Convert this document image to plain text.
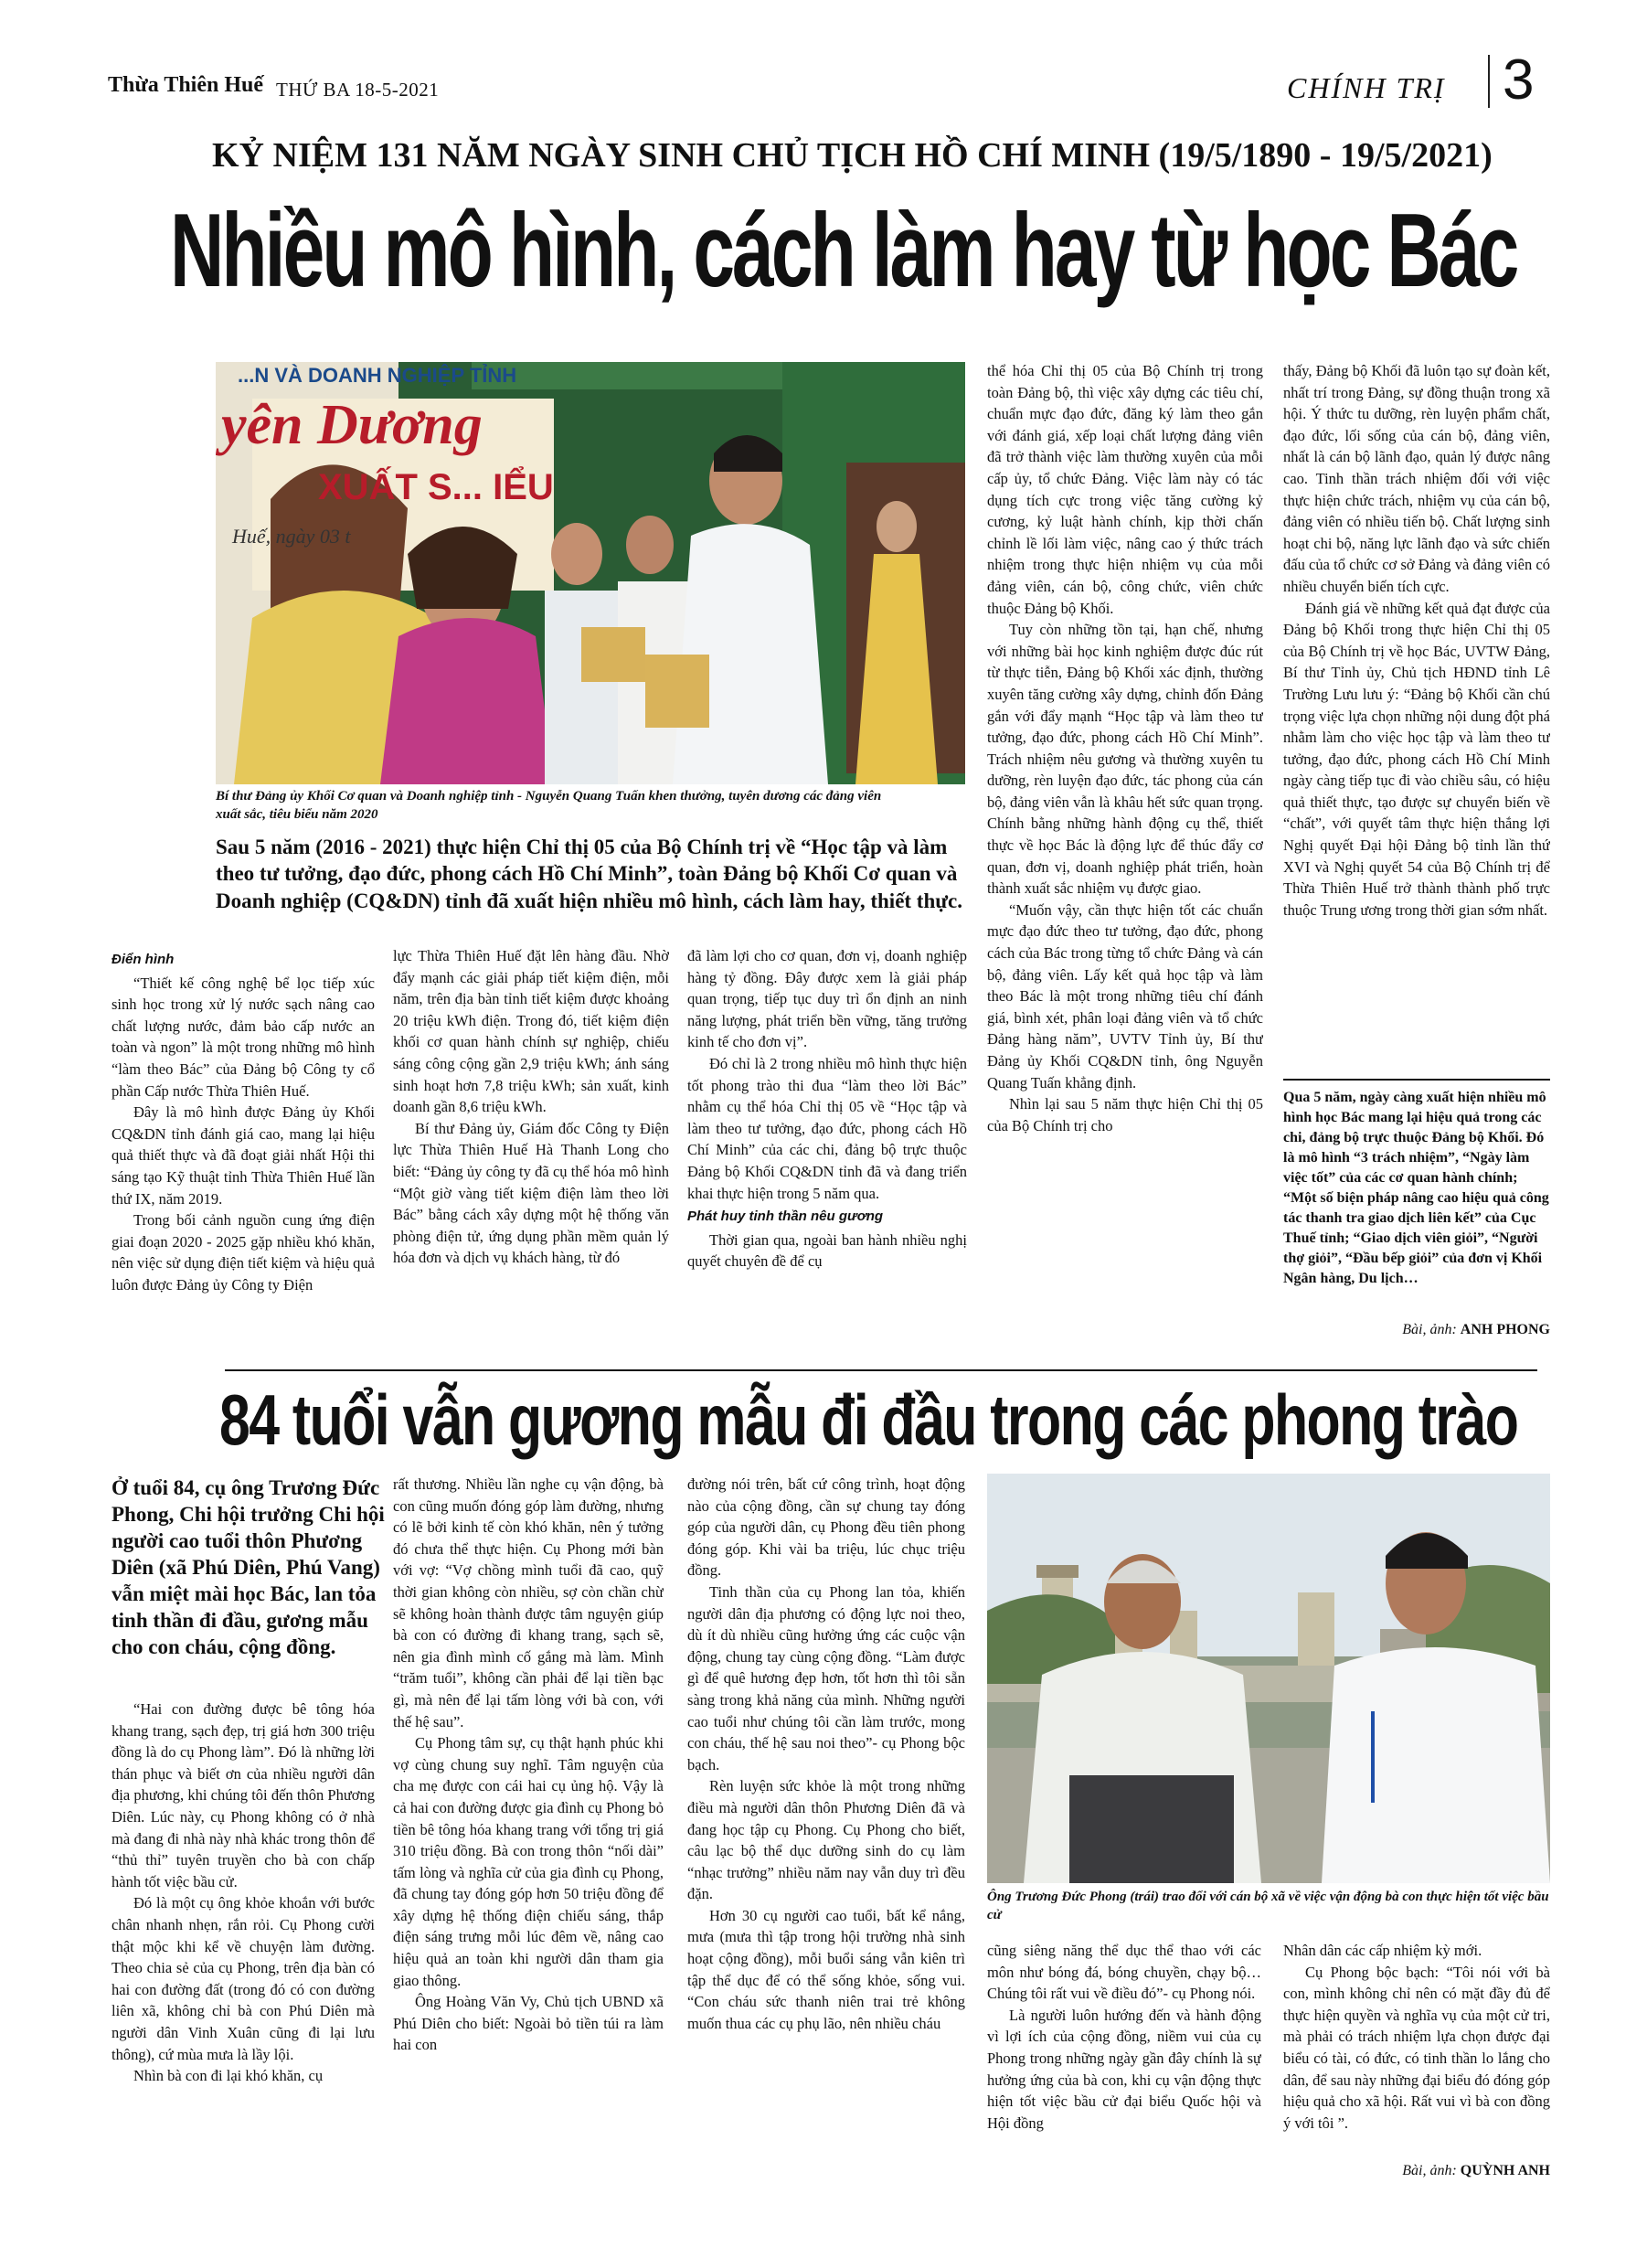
Thừa Thiên Huế THỨ BA 18-5-2021	CHÍNH TRỊ 3
KỶ NIỆM 131 NĂM NGÀY SINH CHỦ TỊCH HỒ CHÍ MINH (19/5/1890 - 19/5/2021)
Nhiều mô hình, cách làm hay từ học Bác
...N VÀ DOANH NGHIỆP TỈNH
yên Dương
XUẤT S... IỂU
Huế, ngày 03 t
Bí thư Đảng ủy Khối Cơ quan và Doanh nghiệp tỉnh - Nguyễn Quang Tuấn khen thưởng, tuyên dương các đảng viên xuất sắc, tiêu biểu năm 2020
Sau 5 năm (2016 - 2021) thực hiện Chỉ thị 05 của Bộ Chính trị về “Học tập và làm theo tư tưởng, đạo đức, phong cách Hồ Chí Minh”, toàn Đảng bộ Khối Cơ quan và Doanh nghiệp (CQ&DN) tỉnh đã xuất hiện nhiều mô hình, cách làm hay, thiết thực.
Điển hình

“Thiết kế công nghệ bể lọc tiếp xúc sinh học trong xử lý nước sạch nâng cao chất lượng nước, đảm bảo cấp nước an toàn và ngon” là một trong những mô hình “làm theo Bác” của Đảng bộ Công ty cổ phần Cấp nước Thừa Thiên Huế.

Đây là mô hình được Đảng ủy Khối CQ&DN tỉnh đánh giá cao, mang lại hiệu quả thiết thực và đã đoạt giải nhất Hội thi sáng tạo Kỹ thuật tỉnh Thừa Thiên Huế lần thứ IX, năm 2019.

Trong bối cảnh nguồn cung ứng điện giai đoạn 2020 - 2025 gặp nhiều khó khăn, nên việc sử dụng điện tiết kiệm và hiệu quả luôn được Đảng ủy Công ty Điện

lực Thừa Thiên Huế đặt lên hàng đầu. Nhờ đẩy mạnh các giải pháp tiết kiệm điện, mỗi năm, trên địa bàn tỉnh tiết kiệm được khoảng 20 triệu kWh điện. Trong đó, tiết kiệm điện khối cơ quan hành chính sự nghiệp, chiếu sáng công cộng gần 2,9 triệu kWh; ánh sáng sinh hoạt hơn 7,8 triệu kWh; sản xuất, kinh doanh gần 8,6 triệu kWh.

Bí thư Đảng ủy, Giám đốc Công ty Điện lực Thừa Thiên Huế Hà Thanh Long cho biết: “Đảng ủy công ty đã cụ thể hóa mô hình “Một giờ vàng tiết kiệm điện làm theo lời Bác” bằng cách xây dựng một hệ thống văn phòng điện tử, ứng dụng phần mềm quản lý hóa đơn và dịch vụ khách hàng, từ đó

đã làm lợi cho cơ quan, đơn vị, doanh nghiệp hàng tỷ đồng. Đây được xem là giải pháp quan trọng, tiếp tục duy trì ổn định an ninh năng lượng, phát triển bền vững, tăng trưởng kinh tế cho đơn vị”.

Đó chỉ là 2 trong nhiều mô hình thực hiện tốt phong trào thi đua “làm theo lời Bác” nhằm cụ thể hóa Chỉ thị 05 về “Học tập và làm theo tư tưởng, đạo đức, phong cách Hồ Chí Minh” của các chi, đảng bộ trực thuộc Đảng bộ Khối CQ&DN tỉnh đã và đang triển khai thực hiện trong 5 năm qua.

Phát huy tinh thần nêu gương

Thời gian qua, ngoài ban hành nhiều nghị quyết chuyên đề để cụ

thể hóa Chỉ thị 05 của Bộ Chính trị trong toàn Đảng bộ, thì việc xây dựng các tiêu chí, chuẩn mực đạo đức, đăng ký làm theo gắn với đánh giá, xếp loại chất lượng đảng viên đã trở thành việc làm thường xuyên của mỗi cấp ủy, tổ chức Đảng. Việc làm này có tác dụng tích cực trong việc tăng cường kỷ cương, kỷ luật hành chính, kịp thời chấn chỉnh lề lối làm việc, nâng cao ý thức trách nhiệm trong thực hiện nhiệm vụ của mỗi đảng viên, cán bộ, công chức, viên chức thuộc Đảng bộ Khối.

Tuy còn những tồn tại, hạn chế, nhưng với những bài học kinh nghiệm được đúc rút từ thực tiễn, Đảng bộ Khối xác định, thường xuyên tăng cường xây dựng, chỉnh đốn Đảng gắn với đẩy mạnh “Học tập và làm theo tư tưởng, đạo đức, phong cách Hồ Chí Minh”. Trách nhiệm nêu gương và thường xuyên tu dưỡng, rèn luyện đạo đức, tác phong của cán bộ, đảng viên vẫn là khâu hết sức quan trọng. Chính bằng những hành động cụ thể, thiết thực về học Bác là động lực để thúc đẩy cơ quan, đơn vị, doanh nghiệp phát triển, hoàn thành xuất sắc nhiệm vụ được giao.

“Muốn vậy, cần thực hiện tốt các chuẩn mực đạo đức theo tư tưởng, đạo đức, phong cách của Bác trong từng tổ chức Đảng và cán bộ, đảng viên. Lấy kết quả học tập và làm theo Bác là một trong những tiêu chí đánh giá, bình xét, phân loại đảng viên và tổ chức Đảng hàng năm”, UVTV Tỉnh ủy, Bí thư Đảng ủy Khối CQ&DN tỉnh, ông Nguyễn Quang Tuấn khẳng định.

Nhìn lại sau 5 năm thực hiện Chỉ thị 05 của Bộ Chính trị cho

thấy, Đảng bộ Khối đã luôn tạo sự đoàn kết, nhất trí trong Đảng, sự đồng thuận trong xã hội. Ý thức tu dưỡng, rèn luyện phẩm chất, đạo đức, lối sống của cán bộ, đảng viên, nhất là cán bộ lãnh đạo, quản lý được nâng cao. Tinh thần trách nhiệm đối với việc thực hiện chức trách, nhiệm vụ của cán bộ, đảng viên có nhiều tiến bộ. Chất lượng sinh hoạt chi bộ, năng lực lãnh đạo và sức chiến đấu của tổ chức cơ sở Đảng và đảng viên có nhiều chuyển biến tích cực.

Đánh giá về những kết quả đạt được của Đảng bộ Khối trong thực hiện Chỉ thị 05 của Bộ Chính trị về học Bác, UVTW Đảng, Bí thư Tỉnh ủy, Chủ tịch HĐND tỉnh Lê Trường Lưu lưu ý: “Đảng bộ Khối cần chú trọng việc lựa chọn những nội dung đột phá nhằm làm cho việc học tập và làm theo tư tưởng, đạo đức, phong cách Hồ Chí Minh ngày càng tiếp tục đi vào chiều sâu, có hiệu quả thiết thực, tạo được sự chuyển biến về “chất”, với quyết tâm thực hiện thắng lợi Nghị quyết Đại hội Đảng bộ tỉnh lần thứ XVI và Nghị quyết 54 của Bộ Chính trị để Thừa Thiên Huế trở thành thành phố trực thuộc Trung ương trong thời gian sớm nhất.

Qua 5 năm, ngày càng xuất hiện nhiều mô hình học Bác mang lại hiệu quả trong các chi, đảng bộ trực thuộc Đảng bộ Khối. Đó là mô hình “3 trách nhiệm”, “Ngày làm việc tốt” của các cơ quan hành chính; “Một số biện pháp nâng cao hiệu quả công tác thanh tra giao dịch liên kết” của Cục Thuế tỉnh; “Giao dịch viên giỏi”, “Người thợ giỏi”, “Đầu bếp giỏi” của đơn vị Khối Ngân hàng, Du lịch…
Bài, ảnh: ANH PHONG
84 tuổi vẫn gương mẫu đi đầu trong các phong trào
Ở tuổi 84, cụ ông Trương Đức Phong, Chi hội trưởng Chi hội người cao tuổi thôn Phương Diên (xã Phú Diên, Phú Vang) vẫn miệt mài học Bác, lan tỏa tinh thần đi đầu, gương mẫu cho con cháu, cộng đồng.

“Hai con đường được bê tông hóa khang trang, sạch đẹp, trị giá hơn 300 triệu đồng là do cụ Phong làm”. Đó là những lời thán phục và biết ơn của nhiều người dân địa phương, khi chúng tôi đến thôn Phương Diên. Lúc này, cụ Phong không có ở nhà mà đang đi nhà này nhà khác trong thôn để “thủ thỉ” tuyên truyền cho bà con chấp hành tốt việc bầu cử.

Đó là một cụ ông khỏe khoắn với bước chân nhanh nhẹn, rắn rỏi. Cụ Phong cười thật mộc khi kể về chuyện làm đường. Theo chia sẻ của cụ Phong, trên địa bàn có hai con đường đất (trong đó có con đường liên xã, không chỉ bà con Phú Diên mà người dân Vinh Xuân cũng đi lại lưu thông), cứ mùa mưa là lầy lội.

Nhìn bà con đi lại khó khăn, cụ

rất thương. Nhiều lần nghe cụ vận động, bà con cũng muốn đóng góp làm đường, nhưng có lẽ bởi kinh tế còn khó khăn, nên ý tưởng đó chưa thể thực hiện. Cụ Phong mới bàn với vợ: “Vợ chồng mình tuổi đã cao, quỹ thời gian không còn nhiều, sợ còn chần chừ sẽ không hoàn thành được tâm nguyện giúp bà con có đường đi khang trang, sạch sẽ, nên gia đình mình cố gắng mà làm. Mình “trăm tuổi”, không cần phải để lại tiền bạc gì, mà nên để lại tấm lòng với bà con, với thế hệ sau”.

Cụ Phong tâm sự, cụ thật hạnh phúc khi vợ cùng chung suy nghĩ. Tâm nguyện của cha mẹ được con cái hai cụ ủng hộ. Vậy là cả hai con đường được gia đình cụ Phong bỏ tiền bê tông hóa khang trang với tổng trị giá 310 triệu đồng. Bà con trong thôn “nối dài” tấm lòng và nghĩa cử của gia đình cụ Phong, đã chung tay đóng góp hơn 50 triệu đồng để xây dựng hệ thống điện chiếu sáng, thắp điện sáng trưng mỗi lúc đêm về, nâng cao hiệu quả an toàn khi người dân tham gia giao thông.

Ông Hoàng Văn Vy, Chủ tịch UBND xã Phú Diên cho biết: Ngoài bỏ tiền túi ra làm hai con

đường nói trên, bất cứ công trình, hoạt động nào của cộng đồng, cần sự chung tay đóng góp của người dân, cụ Phong đều tiên phong đóng góp. Khi vài ba triệu, lúc chục triệu đồng.

Tinh thần của cụ Phong lan tỏa, khiến người dân địa phương có động lực noi theo, dù ít dù nhiều cũng hưởng ứng các cuộc vận động, chung tay cùng cộng đồng. “Làm được gì để quê hương đẹp hơn, tốt hơn thì tôi sẵn sàng trong khả năng của mình. Những người cao tuổi như chúng tôi cần làm trước, mong con cháu, thế hệ sau noi theo”- cụ Phong bộc bạch.

Rèn luyện sức khỏe là một trong những điều mà người dân thôn Phương Diên đã và đang học tập cụ Phong. Cụ Phong cho biết, câu lạc bộ thể dục dưỡng sinh do cụ làm “nhạc trưởng” nhiều năm nay vẫn duy trì đều đặn.

Hơn 30 cụ người cao tuổi, bất kể nắng, mưa (mưa thì tập trong hội trường nhà sinh hoạt cộng đồng), mỗi buổi sáng vẫn kiên trì tập thể dục để có thể sống khỏe, sống vui. “Con cháu sức thanh niên trai trẻ không muốn thua các cụ phụ lão, nên nhiều cháu

Ông Trương Đức Phong (trái) trao đổi với cán bộ xã về việc vận động bà con thực hiện tốt việc bầu cử

cũng siêng năng thể dục thể thao với các môn như bóng đá, bóng chuyền, chạy bộ… Chúng tôi rất vui về điều đó”- cụ Phong nói.

Là người luôn hướng đến và hành động vì lợi ích của cộng đồng, niềm vui của cụ Phong trong những ngày gần đây chính là sự hưởng ứng của bà con, khi cụ vận động thực hiện tốt việc bầu cử đại biểu Quốc hội và Hội đồng

Nhân dân các cấp nhiệm kỳ mới.

Cụ Phong bộc bạch: “Tôi nói với bà con, mình không chỉ nên có mặt đầy đủ để thực hiện quyền và nghĩa vụ của một cử tri, mà phải có trách nhiệm lựa chọn được đại biểu có tài, có đức, có tinh thần lo lắng cho dân, để sau này những đại biểu đó đóng góp hiệu quả cho xã hội. Rất vui vì bà con đồng ý với tôi ”.

Bài, ảnh: QUỲNH ANH
